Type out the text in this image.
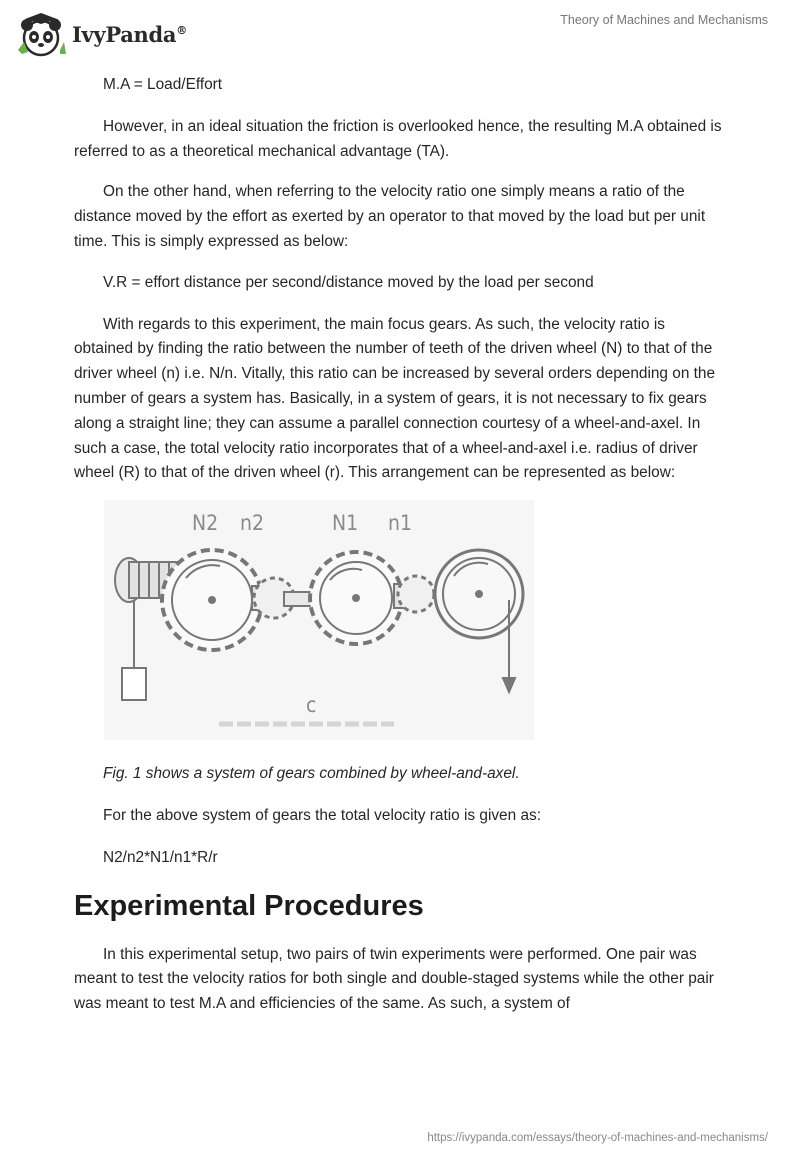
IvyPanda®
Theory of Machines and Mechanisms

M.A = Load/Effort

However, in an ideal situation the friction is overlooked hence, the resulting M.A obtained is referred to as a theoretical mechanical advantage (TA).

On the other hand, when referring to the velocity ratio one simply means a ratio of the distance moved by the effort as exerted by an operator to that moved by the load but per unit time. This is simply expressed as below:

V.R = effort distance per second/distance moved by the load per second

With regards to this experiment, the main focus gears. As such, the velocity ratio is obtained by finding the ratio between the number of teeth of the driven wheel (N) to that of the driver wheel (n) i.e. N/n. Vitally, this ratio can be increased by several orders depending on the number of gears a system has. Basically, in a system of gears, it is not necessary to fix gears along a straight line; they can assume a parallel connection courtesy of a wheel-and-axel. In such a case, the total velocity ratio incorporates that of a wheel-and-axel i.e. radius of driver wheel (R) to that of the driven wheel (r). This arrangement can be represented as below:

N2 n2	N1 n1
c

Fig. 1 shows a system of gears combined by wheel-and-axel.

For the above system of gears the total velocity ratio is given as:

N2/n2*N1/n1*R/r

Experimental Procedures

In this experimental setup, two pairs of twin experiments were performed. One pair was meant to test the velocity ratios for both single and double-staged systems while the other pair was meant to test M.A and efficiencies of the same. As such, a system of

https://ivypanda.com/essays/theory-of-machines-and-mechanisms/
